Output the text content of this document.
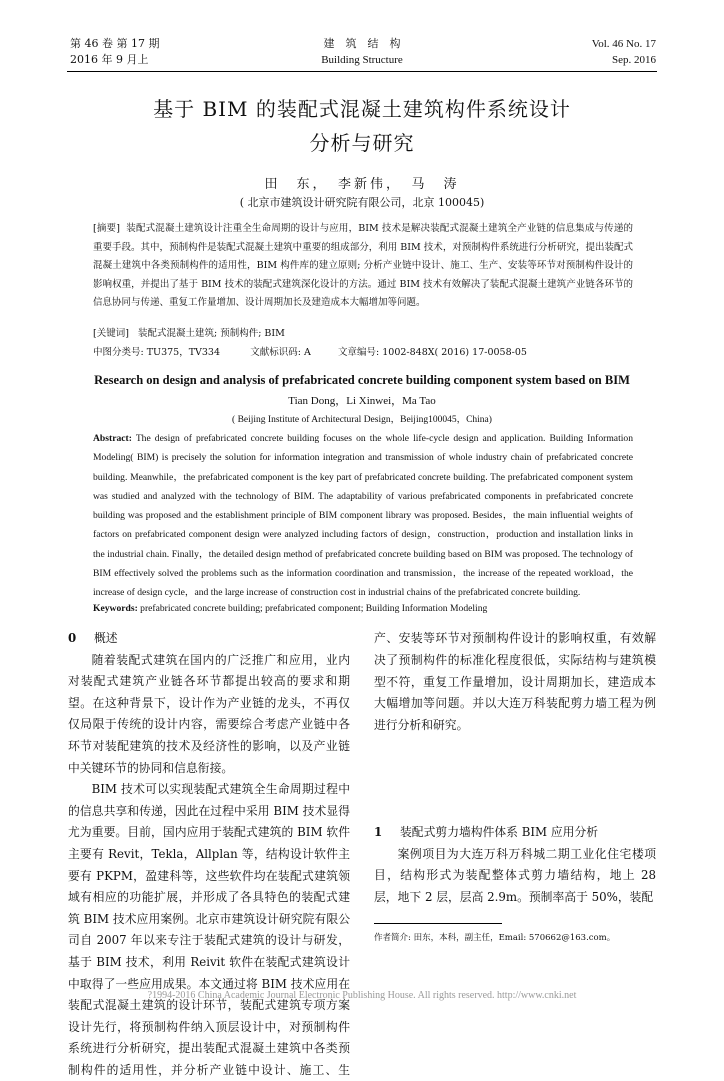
第 46 卷 第 17 期
2016 年 9 月上
建　筑　结　构
Building Structure
Vol. 46 No. 17
Sep. 2016
基于 BIM 的装配式混凝土建筑构件系统设计
分析与研究
田　东，　李新伟，　马　涛
( 北京市建筑设计研究院有限公司，北京 100045)
[摘要] 装配式混凝土建筑设计注重全生命周期的设计与应用，BIM 技术是解决装配式混凝土建筑全产业链的信息集成与传递的重要手段。其中，预制构件是装配式混凝土建筑中重要的组成部分，利用 BIM 技术，对预制构件系统进行分析研究，提出装配式混凝土建筑中各类预制构件的适用性，BIM 构件库的建立原则; 分析产业链中设计、施工、生产、安装等环节对预制构件设计的影响权重，并提出了基于 BIM 技术的装配式建筑深化设计的方法。通过 BIM 技术有效解决了装配式混凝土建筑产业链各环节的信息协同与传递、重复工作量增加、设计周期加长及建造成本大幅增加等问题。
[关键词] 装配式混凝土建筑; 预制构件; BIM
中图分类号: TU375，TV334	文献标识码: A	文章编号: 1002-848X( 2016) 17-0058-05
Research on design and analysis of prefabricated concrete building component system based on BIM
Tian Dong，Li Xinwei，Ma Tao
( Beijing Institute of Architectural Design，Beijing100045，China)
Abstract: The design of prefabricated concrete building focuses on the whole life-cycle design and application. Building Information Modeling( BIM) is precisely the solution for information integration and transmission of whole industry chain of prefabricated concrete building. Meanwhile，the prefabricated component is the key part of prefabricated concrete building. The prefabricated component system was studied and analyzed with the technology of BIM. The adaptability of various prefabricated components in prefabricated concrete building was proposed and the establishment principle of BIM component library was proposed. Besides，the main influential weights of factors on prefabricated component design were analyzed including factors of design，construction，production and installation links in the industrial chain. Finally，the detailed design method of prefabricated concrete building based on BIM was proposed. The technology of BIM effectively solved the problems such as the information coordination and transmission，the increase of the repeated workload，the increase of design cycle，and the large increase of construction cost in industrial chains of the prefabricated concrete building.
Keywords: prefabricated concrete building; prefabricated component; Building Information Modeling

0 概述

随着装配式建筑在国内的广泛推广和应用，业内对装配式建筑产业链各环节都提出较高的要求和期望。在这种背景下，设计作为产业链的龙头，不再仅仅局限于传统的设计内容，需要综合考虑产业链中各环节对装配建筑的技术及经济性的影响，以及产业链中关键环节的协同和信息衔接。

BIM 技术可以实现装配式建筑全生命周期过程中的信息共享和传递，因此在过程中采用 BIM 技术显得尤为重要。目前，国内应用于装配式建筑的 BIM 软件主要有 Revit，Tekla，Allplan 等，结构设计软件主要有 PKPM，盈建科等，这些软件均在装配式建筑领域有相应的功能扩展，并形成了各具特色的装配式建筑 BIM 技术应用案例。北京市建筑设计研究院有限公司自 2007 年以来专注于装配式建筑的设计与研发，基于 BIM 技术，利用 Reivit 软件在装配式建筑设计中取得了一些应用成果。本文通过将 BIM 技术应用在装配式混凝土建筑的设计环节，装配式建筑专项方案设计先行，将预制构件纳入顶层设计中，对预制构件系统进行分析研究，提出装配式混凝土建筑中各类预制构件的适用性，并分析产业链中设计、施工、生

产、安装等环节对预制构件设计的影响权重，有效解决了预制构件的标准化程度很低，实际结构与建筑模型不符，重复工作量增加，设计周期加长，建造成本大幅增加等问题。并以大连万科装配剪力墙工程为例进行分析和研究。

1 装配式剪力墙构件体系 BIM 应用分析

案例项目为大连万科万科城二期工业化住宅楼项目，结构形式为装配整体式剪力墙结构，地上 28 层，地下 2 层，层高 2.9m。预制率高于 50%，装配

作者简介: 田东，本科，副主任，Email: 570662@163.com。
?1994-2016 China Academic Journal Electronic Publishing House. All rights reserved. http://www.cnki.net
